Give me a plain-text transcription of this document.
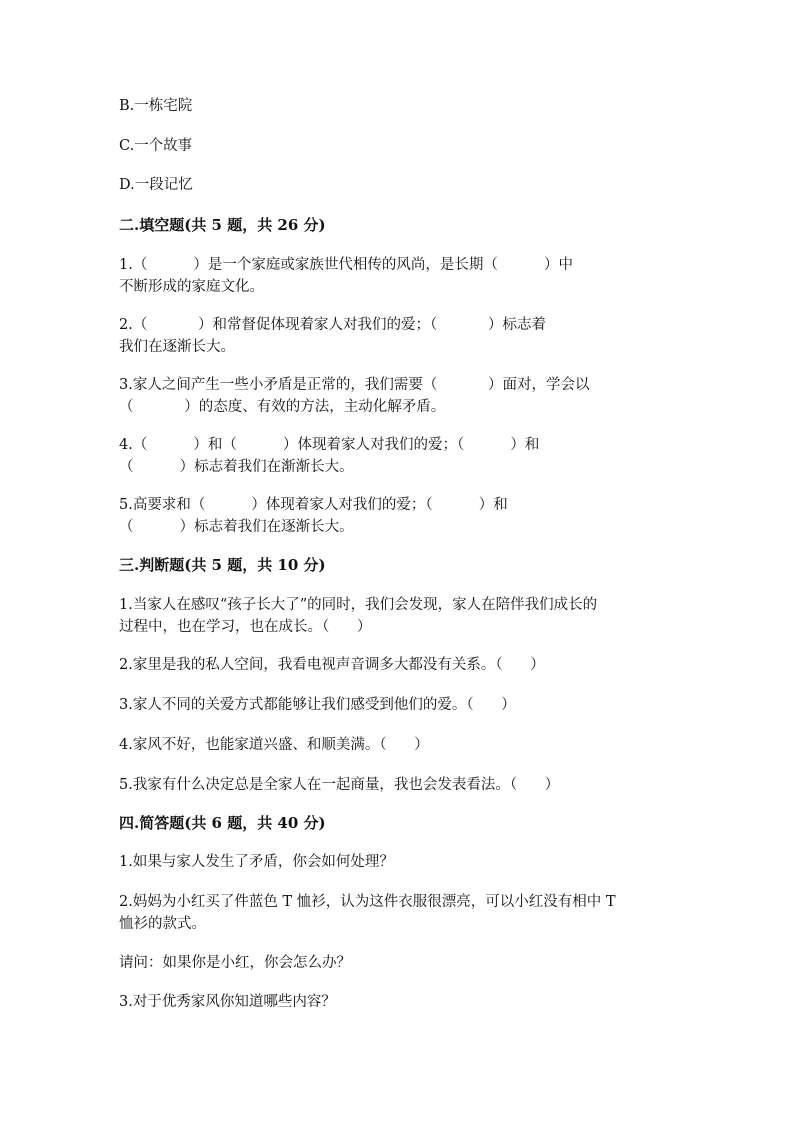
B.一栋宅院
C.一个故事
D.一段记忆
二.填空题(共 5 题，共 26 分)
1.（          ）是一个家庭或家族世代相传的风尚，是长期（          ）中
不断形成的家庭文化。
2.（           ）和常督促体现着家人对我们的爱；（           ）标志着
我们在逐渐长大。
3.家人之间产生一些小矛盾是正常的，我们需要（           ）面对，学会以
（           ）的态度、有效的方法，主动化解矛盾。
4.（          ）和（          ）体现着家人对我们的爱；（          ）和
（          ）标志着我们在渐渐长大。
5.高要求和（          ）体现着家人对我们的爱；（          ）和
（          ）标志着我们在逐渐长大。
三.判断题(共 5 题，共 10 分)
1.当家人在感叹“孩子长大了”的同时，我们会发现，家人在陪伴我们成长的
过程中，也在学习，也在成长。（      ）
2.家里是我的私人空间，我看电视声音调多大都没有关系。（      ）
3.家人不同的关爱方式都能够让我们感受到他们的爱。（      ）
4.家风不好，也能家道兴盛、和顺美满。（      ）
5.我家有什么决定总是全家人在一起商量，我也会发表看法。（      ）
四.简答题(共 6 题，共 40 分)
1.如果与家人发生了矛盾，你会如何处理？
2.妈妈为小红买了件蓝色 T 恤衫，认为这件衣服很漂亮，可以小红没有相中 T
恤衫的款式。
请问：如果你是小红，你会怎么办？
3.对于优秀家风你知道哪些内容？
